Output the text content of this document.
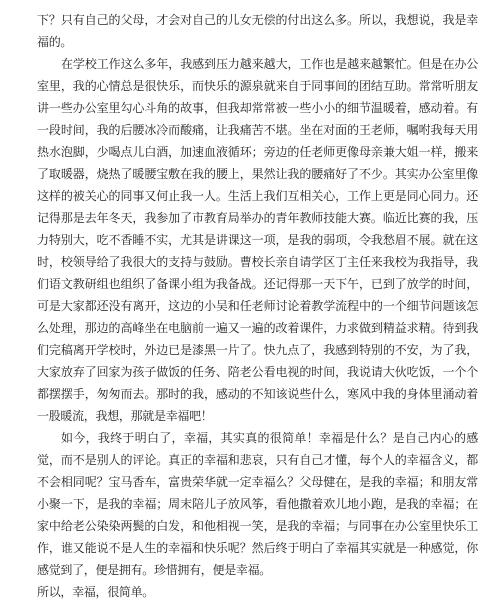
下？只有自己的父母，才会对自己的儿女无偿的付出这么多。所以，我想说，我是幸福的。

在学校工作这么多年，我感到压力越来越大，工作也是越来越繁忙。但是在办公室里，我的心情总是很快乐，而快乐的源泉就来自于同事间的团结互助。常常听朋友讲一些办公室里勾心斗角的故事，但我却常常被一些小小的细节温暖着，感动着。有一段时间，我的后腰冰冷而酸痛，让我痛苦不堪。坐在对面的王老师，嘱咐我每天用热水泡脚，少喝点儿白酒，加速血液循环；旁边的任老师更像母亲兼大姐一样，搬来了取暖器，烧热了暖腰宝敷在我的腰上，果然让我的腰痛好了不少。其实办公室里像这样的被关心的同事又何止我一人。生活上我们互相关心，工作上更是同心同力。还记得那是去年冬天，我参加了市教育局举办的青年教师技能大赛。临近比赛的我，压力特别大，吃不香睡不实，尤其是讲课这一项，是我的弱项，令我愁眉不展。就在这时，校领导给了我很大的支持与鼓励。曹校长亲自请学区丁主任来我校为我指导，我们语文教研组也组织了备课小组为我备战。还记得那一天下午，已到了放学的时间，可是大家都还没有离开，这边的小吴和任老师讨论着教学流程中的一个细节问题该怎么处理，那边的高峰坐在电脑前一遍又一遍的改着课件，力求做到精益求精。待到我们完稿离开学校时，外边已是漆黑一片了。快九点了，我感到特别的不安，为了我，大家放弃了回家为孩子做饭的任务、陪老公看电视的时间，我说请大伙吃饭，一个个都摆摆手，匆匆而去。那时的我，感动的不知该说些什么，寒风中我的身体里涌动着一股暖流，我想，那就是幸福吧！

如今，我终于明白了，幸福，其实真的很简单！幸福是什么？是自己内心的感觉，而不是别人的评论。真正的幸福和悲哀，只有自己才懂，每个人的幸福含义，都不会相同呢？宝马香车，富贵荣华就一定幸福么？父母健在，是我的幸福；和朋友常小聚一下，是我的幸福；周末陪儿子放风筝，看他撒着欢儿地小跑，是我的幸福；在家中给老公染染两鬓的白发，和他相视一笑，是我的幸福；与同事在办公室里快乐工作，谁又能说不是人生的幸福和快乐呢？然后终于明白了幸福其实就是一种感觉，你感觉到了，便是拥有。珍惜拥有，便是幸福。

所以，幸福，很简单。
